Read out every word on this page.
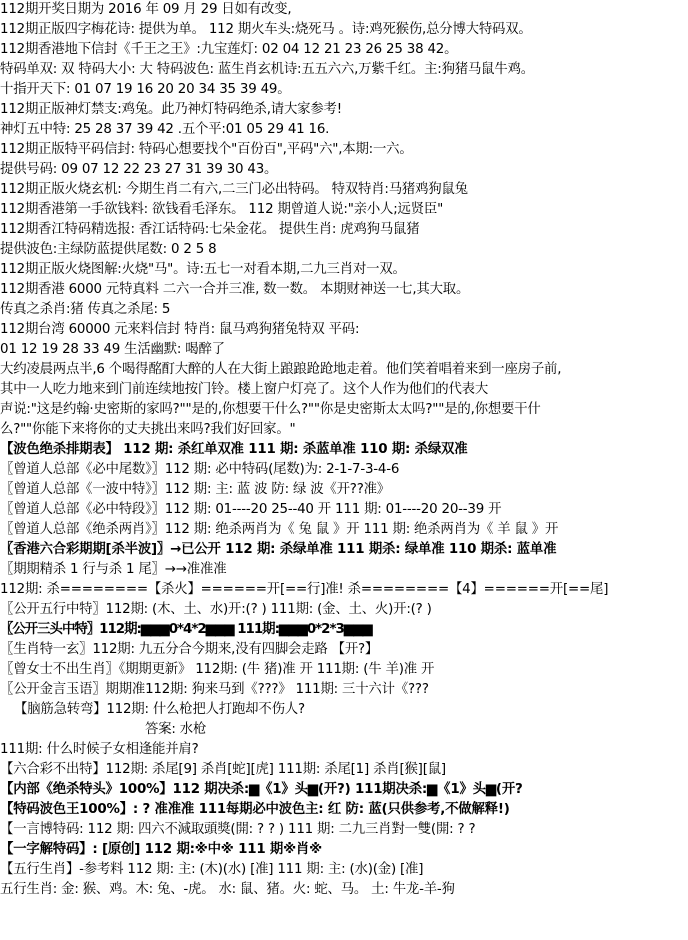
112期开奖日期为 2016 年 09 月 29 日如有改变,
112期正版四字梅花诗: 提供为单。 112 期火车头:烧死马 。诗:鸡死猴伤,总分博大特码双。
112期香港地下信封《千王之王》:九宝莲灯: 02 04 12 21 23 26 25 38 42。
特码单双: 双 特码大小: 大 特码波色: 蓝生肖玄机诗:五五六六,万紫千红。主:狗猪马鼠牛鸡。
十指开天下: 01 07 19 16 20 20 34 35 39 49。
112期正版神灯禁支:鸡兔。此乃神灯特码绝杀,请大家参考!
神灯五中特: 25 28 37 39 42 .五个平:01 05 29 41 16.
112期正版特平码信封: 特码心想要找个"百份百",平码"六",本期:一六。
提供号码: 09 07 12 22 23 27 31 39 30 43。
112期正版火烧玄机: 今期生肖二有六,二三门必出特码。 特双特肖:马猪鸡狗鼠兔
112期香港第一手欲钱料: 欲钱看毛泽东。 112 期曾道人说:"亲小人;远贤臣"
112期香江特码精选报: 香江话特码:七朵金花。 提供生肖: 虎鸡狗马鼠猪
提供波色:主绿防蓝提供尾数: 0 2 5 8
112期正版火烧图解:火烧"马"。诗:五七一对看本期,二九三肖对一双。
112期香港 6000 元特真料 二六一合并三准, 数一数。 本期财神送一七,其大取。
传真之杀肖:猪 传真之杀尾: 5
112期台湾 60000 元来料信封 特肖: 鼠马鸡狗猪兔特双 平码:
01 12 19 28 33 49 生活幽默: 喝醉了
大约凌晨两点半,6 个喝得酩酊大醉的人在大街上踉踉跄跄地走着。他们笑着唱着来到一座房子前,
其中一人吃力地来到门前连续地按门铃。楼上窗户灯亮了。这个人作为他们的代表大
声说:"这是约翰·史密斯的家吗?""是的,你想要干什么?""你是史密斯太太吗?""是的,你想要干什
么?""你能下来将你的丈夫挑出来吗?我们好回家。"
【波色绝杀排期表】 112 期: 杀红单双准 111 期: 杀蓝单准 110 期: 杀绿双准
〖曾道人总部《必中尾数》〗112 期: 必中特码(尾数)为: 2-1-7-3-4-6
〖曾道人总部《一波中特》〗112 期: 主: 蓝 波 防: 绿 波《开??准》
〖曾道人总部《必中特段》〗112 期: 01----20 25--40 开 111 期: 01----20 20--39 开
〖曾道人总部《绝杀两肖》〗112 期: 绝杀两肖为《 兔 鼠 》开 111 期: 绝杀两肖为《 羊 鼠 》开
〖香港六合彩期期[杀半波]〗→已公开 112 期: 杀绿单准 111 期杀: 绿单准 110 期杀: 蓝单准
〖期期精杀 1 行与杀 1 尾〗→→准准准
112期: 杀========【杀火】======开[==行]准! 杀========【4】======开[==尾]
〖公开五行中特〗112期: (木、土、水)开:(? ) 111期: (金、土、火)开:(? )
〖公开三头中特〗112期:▆▆▆0*4*2▆▆▆ 111期:▆▆▆0*2*3▆▆▆
〖生肖特一玄〗112期: 九五分合今期来,没有四脚会走路 【开?】
〖曾女士不出生肖〗《期期更新》 112期: (牛 猪)准 开 111期: (牛 羊)准 开
〖公开金言玉语〗期期准112期: 狗来马到《???》 111期: 三十六计《???
【脑筋急转弯】112期: 什么枪把人打跑却不伤人?
答案: 水枪
111期: 什么时候子女相逢能并肩?
【六合彩不出特】112期: 杀尾[9] 杀肖[蛇][虎] 111期: 杀尾[1] 杀肖[猴][鼠]
【内部《绝杀特头》100%】112 期决杀:▆《1》头▆(开?) 111期决杀:▆《1》头▆(开?
【特码波色王100%】: ? 准准准 111每期必中波色主: 红 防: 蓝(只供参考,不做解释!)
【一言博特码: 112 期: 四六不減取頭獎(開: ? ? ) 111 期: 二九三肖對一雙(開: ? ?
【一字解特码】: [原创] 112 期:※中※ 111 期※肖※
【五行生肖】-参考料 112 期: 主: (木)(水) [准] 111 期: 主: (水)(金) [准]
五行生肖: 金: 猴、鸡。木: 兔、-虎。 水: 鼠、猪。火: 蛇、马。 土: 牛龙-羊-狗
